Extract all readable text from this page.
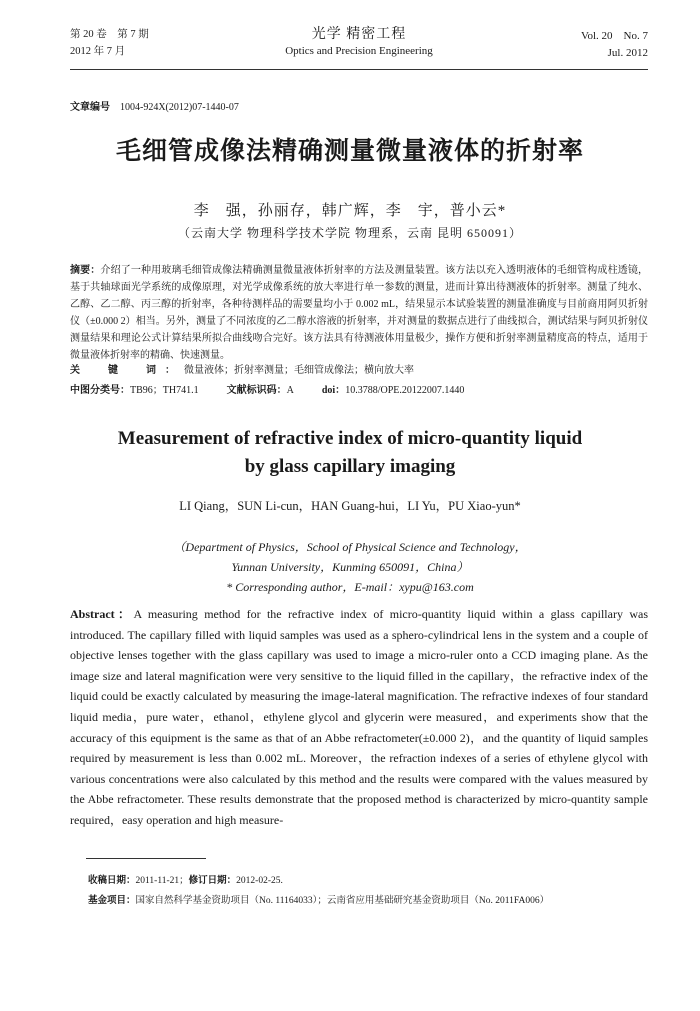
第 20 卷　第 7 期
2012 年 7 月
光学 精密工程
Optics and Precision Engineering
Vol. 20　No. 7
Jul. 2012
文章编号 1004-924X(2012)07-1440-07
毛细管成像法精确测量微量液体的折射率
李　强，孙丽存，韩广辉，李　宇，普小云*
（云南大学 物理科学技术学院 物理系，云南 昆明 650091）
摘要：介绍了一种用玻璃毛细管成像法精确测量微量液体折射率的方法及测量装置。该方法以充入透明液体的毛细管构成柱透镜，基于共轴球面光学系统的成像原理，对光学成像系统的放大率进行单一参数的测量，进而计算出待测液体的折射率。测量了纯水、乙醇、乙二醇、丙三醇的折射率，各种待测样品的需要量均小于 0.002 mL，结果显示本试验装置的测量准确度与目前商用阿贝折射仪（±0.000 2）相当。另外，测量了不同浓度的乙二醇水溶液的折射率，并对测量的数据点进行了曲线拟合，测试结果与阿贝折射仪测量结果和理论公式计算结果所拟合曲线吻合完好。该方法具有待测液体用量极少，操作方便和折射率测量精度高的特点，适用于微量液体折射率的精确、快速测量。
关　键　词：微量液体；折射率测量；毛细管成像法；横向放大率
中图分类号：TB96；TH741.1	文献标识码：A	doi：10.3788/OPE.20122007.1440
Measurement of refractive index of micro-quantity liquid
by glass capillary imaging
LI Qiang，SUN Li-cun，HAN Guang-hui，LI Yu，PU Xiao-yun*
（Department of Physics，School of Physical Science and Technology，
Yunnan University，Kunming 650091，China）
* Corresponding author，E-mail：xypu@163.com
Abstract：A measuring method for the refractive index of micro-quantity liquid within a glass capillary was introduced. The capillary filled with liquid samples was used as a sphero-cylindrical lens in the system and a couple of objective lenses together with the glass capillary was used to image a micro-ruler onto a CCD imaging plane. As the image size and lateral magnification were very sensitive to the liquid filled in the capillary，the refractive index of the liquid could be exactly calculated by measuring the image-lateral magnification. The refractive indexes of four standard liquid media，pure water，ethanol，ethylene glycol and glycerin were measured，and experiments show that the accuracy of this equipment is the same as that of an Abbe refractometer(±0.000 2)，and the quantity of liquid samples required by measurement is less than 0.002 mL. Moreover，the refraction indexes of a series of ethylene glycol with various concentrations were also calculated by this method and the results were compared with the values measured by the Abbe refractometer. These results demonstrate that the proposed method is characterized by micro-quantity sample required，easy operation and high measure-
收稿日期：2011-11-21；修订日期：2012-02-25.
基金项目：国家自然科学基金资助项目（No. 11164033）；云南省应用基础研究基金资助项目（No. 2011FA006）
